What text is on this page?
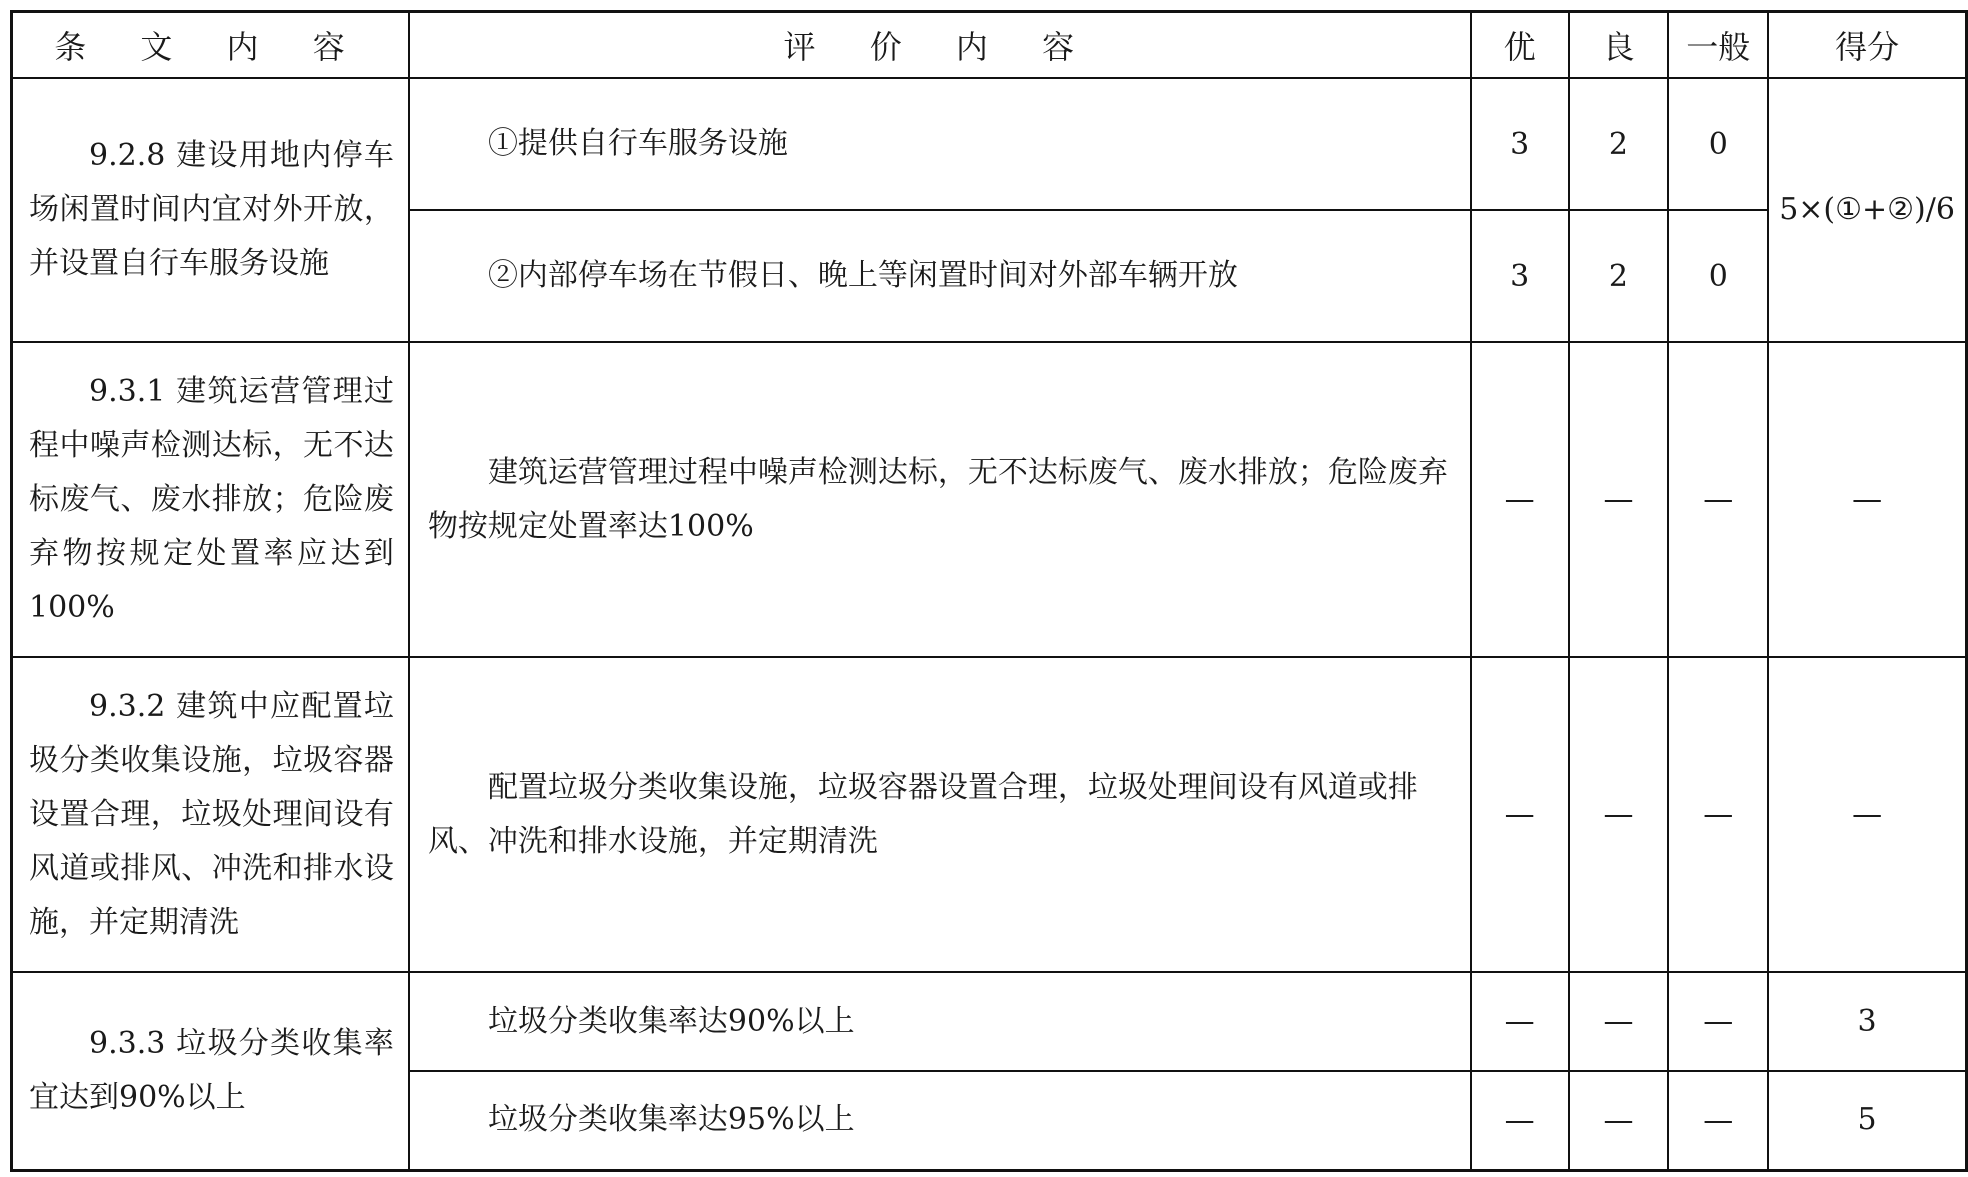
条 文 内 容	评 价 内 容	优	良	一般	得分
9.2.8 建设用地内停车场闲置时间内宜对外开放，并设置自行车服务设施	①提供自行车服务设施	3	2	0	5×(①+②)/6
	②内部停车场在节假日、晚上等闲置时间对外部车辆开放	3	2	0	
9.3.1 建筑运营管理过程中噪声检测达标，无不达标废气、废水排放；危险废弃物按规定处置率应达到100%	建筑运营管理过程中噪声检测达标，无不达标废气、废水排放；危险废弃物按规定处置率达100%	—	—	—	—
9.3.2 建筑中应配置垃圾分类收集设施，垃圾容器设置合理，垃圾处理间设有风道或排风、冲洗和排水设施，并定期清洗	配置垃圾分类收集设施，垃圾容器设置合理，垃圾处理间设有风道或排风、冲洗和排水设施，并定期清洗	—	—	—	—
9.3.3 垃圾分类收集率宜达到90%以上	垃圾分类收集率达90%以上	—	—	—	3
	垃圾分类收集率达95%以上	—	—	—	5
